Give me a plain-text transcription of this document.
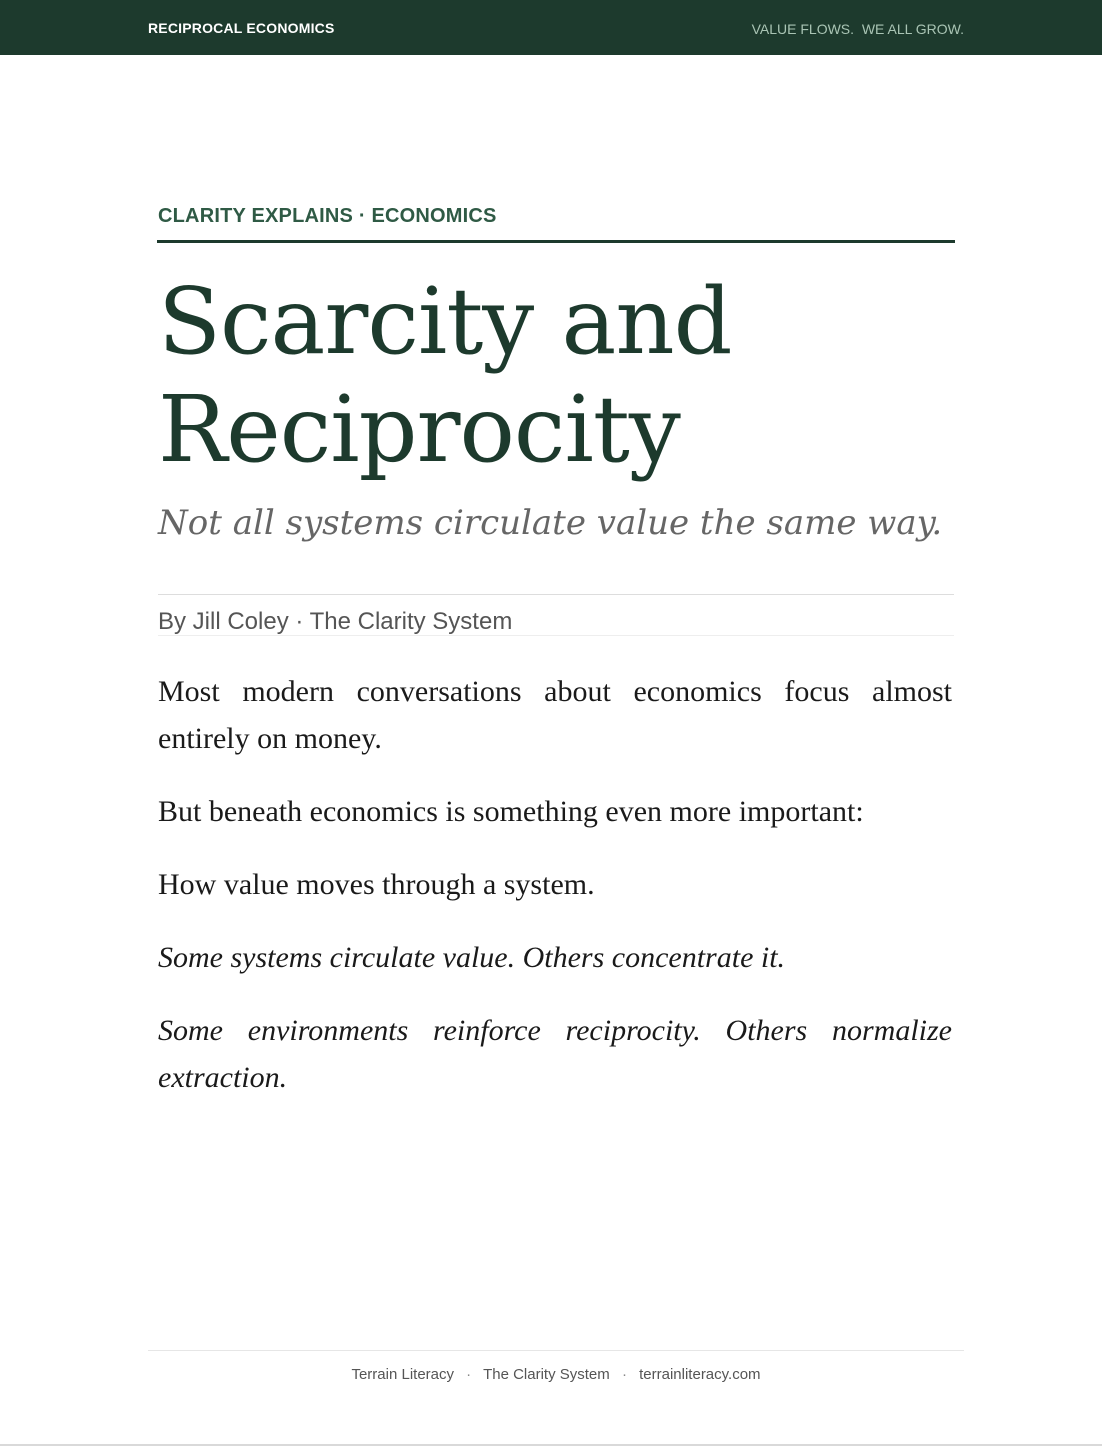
RECIPROCAL ECONOMICS	VALUE FLOWS.  WE ALL GROW.
CLARITY EXPLAINS · ECONOMICS
Scarcity and
Reciprocity
Not all systems circulate value the same way.
By Jill Coley · The Clarity System

Most modern conversations about economics focus almost entirely on money.

But beneath economics is something even more important:

How value moves through a system.

Some systems circulate value. Others concentrate it.

Some environments reinforce reciprocity. Others normalize extraction.

Terrain Literacy · The Clarity System · terrainliteracy.com
